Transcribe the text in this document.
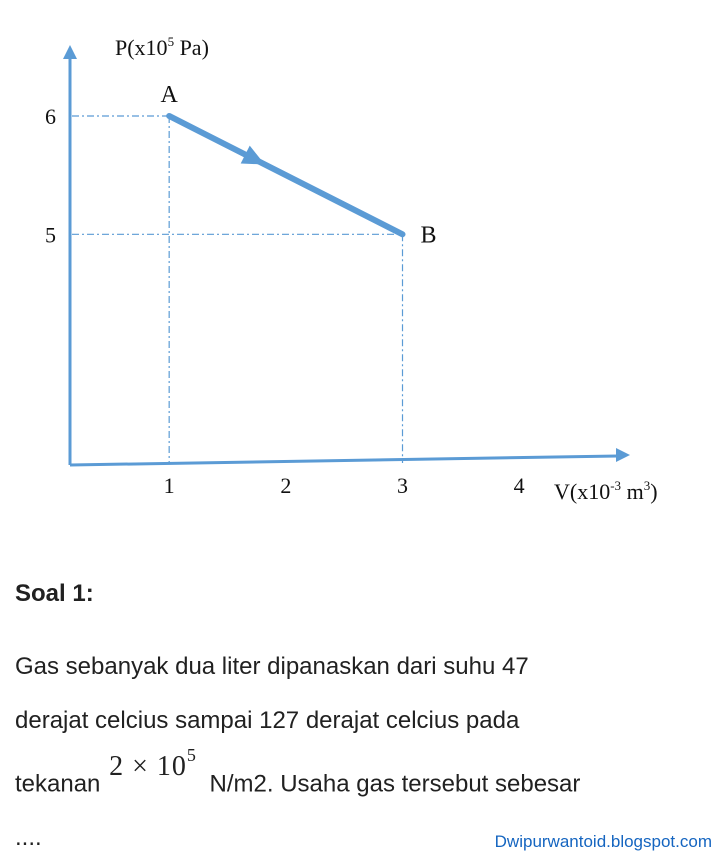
1	2	3	4
5
6
A
B
$P(x10^5$ Pa)
$V(x10^{-3}$ $m^3$)
Soal 1:
Gas sebanyak dua liter dipanaskan dari suhu 47
derajat celcius sampai 127 derajat celcius pada
tekanan $2 \times 10^5$ N/m2. Usaha gas tersebut sebesar
....	Dwipurwantoid.blogspot.com
